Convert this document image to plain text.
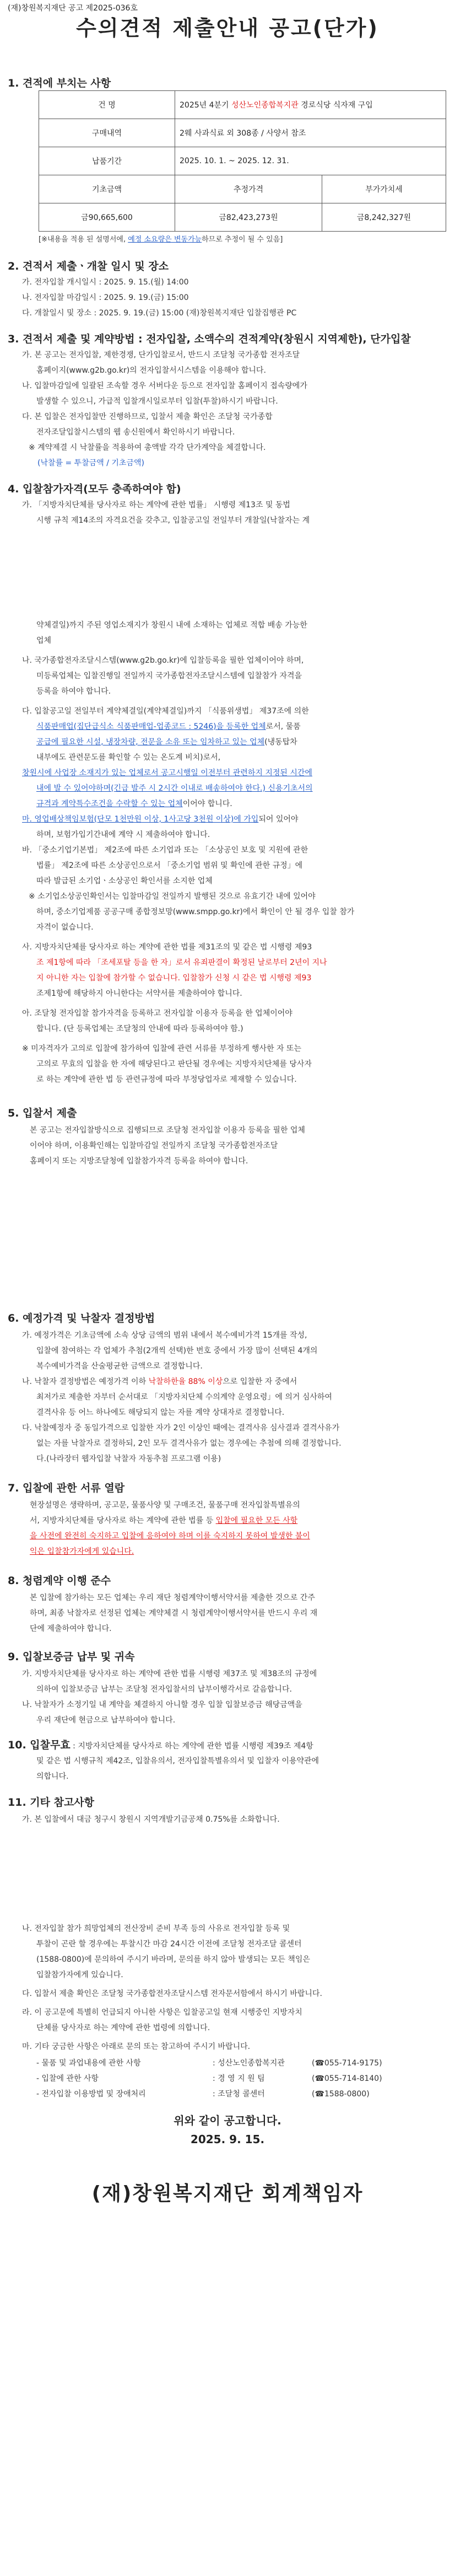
(재)창원복지재단 공고 제2025-036호
수의견적 제출안내 공고(단가)
1. 견적에 부치는 사항
건 명	2025년 4분기 성산노인종합복지관 경로식당 식자재 구입	
구매내역	2웨 사과식료 외 308종 / 사양서 참조	
납품기간	2025. 10. 1. ~ 2025. 12. 31.	
기초금액	추정가격	부가가치세
금90,665,600	금82,423,273원	금8,242,327원
[※내용을 적용 된 설명서에, 예정 소요량은 변동가능하므로 추정이 될 수 있음]
2. 견적서 제출ㆍ개찰 일시 및 장소
가. 전자입찰 개시일시 : 2025. 9. 15.(월) 14:00
나. 전자입찰 마감일시 : 2025. 9. 19.(금) 15:00
다. 개찰일시 및 장소 : 2025. 9. 19.(금) 15:00 (재)창원복지재단 입찰집행관 PC
3. 견적서 제출 및 계약방법 : 전자입찰, 소액수의 견적계약(창원시 지역제한), 단가입찰
가. 본 공고는 전자입찰, 제한경쟁, 단가입찰로서, 반드시 조달청 국가종합 전자조달
홈페이지(www.g2b.go.kr)의 전자입찰서시스템을 이용해야 합니다.
나. 입찰마감일에 일괄된 조속할 경우 서버다운 등으로 전자입찰 홈페이지 접속량에가
발생할 수 있으니, 가급적 입찰개시일로부터 입찰(투찰)하시기 바랍니다.
다. 본 입찰은 전자입찰만 진행하므로, 입찰서 제출 확인은 조달청 국가종합
전자조달입찰시스템의 웹 송신원에서 확인하시기 바랍니다.
※ 계약제결 시 낙찰률을 적용하여 총액발 각각 단가계약을 체결합니다.
(낙찰률 = 투찰금액 / 기초금액)
4. 입찰참가자격(모두 충족하여야 함)
가. 「지방자치단체를 당사자로 하는 계약에 관한 법률」 시행령 제13조 및 동법
시행 규칙 제14조의 자격요건을 갖추고, 입찰공고일 전일부터 개찰일(낙찰자는 계
약체결일)까지 주된 영업소재지가 창원시 내에 소재하는 업체로 적합 배송 가능한
업체
나. 국가종합전자조달시스템(www.g2b.go.kr)에 입찰등록을 필한 업체이어야 하며,
미등록업체는 입찰진행일 전일까지 국가종합전자조달시스템에 입찰참가 자격을
등록을 하여야 합니다.
다. 입찰공고일 전일부터 계약체결일(계약체결일)까지 「식품위생법」 제37조에 의한
식품판매업(집단급식소 식품판매업-업종코드 : 5246)을 등록한 업체로서, 물품
공급에 필요한 시설, 냉장차량, 전문을 소유 또는 임차하고 있는 업체(냉동탑차
내부에도 관련문도를 확인할 수 있는 온도계 비치)로서,
창원시에 사업장 소재지가 있는 업체로서 공고시행일 이전부터 관련하지 지정된 시간에
내에 발 수 있어야하며(긴급 발주 시 2시간 이내로 배송하여야 한다.) 신용기초서의
규격과 계약특수조건을 수락할 수 있는 업체이어야 합니다.
마. 영업배상책임보험(단모 1천만원 이상, 1사고당 3천원 이상)에 가입되어 있어야
하며, 보험가입기간내에 계약 시 제출하여야 합니다.
바. 「중소기업기본법」 제2조에 따른 소기업과 또는 「소상공인 보호 및 지원에 관한
법률」 제2조에 따른 소상공인으로서 「중소기업 범위 및 확인에 관한 규정」에
따라 발급된 소기업ㆍ소상공인 확인서를 소지한 업체
※ 소기업소상공인확인서는 입찰마감일 전일까지 발행된 것으로 유효기간 내에 있어야
하며, 중소기업제품 공공구매 종합정보망(www.smpp.go.kr)에서 확인이 안 될 경우 입찰 참가
자격이 없습니다.
사. 지방자치단체를 당사자로 하는 계약에 관한 법률 제31조의 및 같은 법 시행령 제93
조 제1항에 따라 「조세포탈 등을 한 자」로서 유죄판결이 확정된 날로부터 2년이 지나
지 아니한 자는 입찰에 참가할 수 없습니다. 입찰참가 신청 시 같은 법 시행령 제93
조제1항에 해당하지 아니한다는 서약서를 제출하여야 합니다.
아. 조달청 전자입찰 참가자격을 등록하고 전자입찰 이용자 등록을 한 업체이어야
합니다. (단 등록업체는 조달청의 안내에 따라 등록하여야 함.)
※ 미자격자가 고의로 입찰에 참가하여 입찰에 관련 서류를 부정하게 행사한 자 또는
고의로 무효의 입찰을 한 자에 해당된다고 판단될 경우에는 지방자치단체를 당사자
로 하는 계약에 관한 법 등 관련규정에 따라 부정당업자로 제재할 수 있습니다.
5. 입찰서 제출
본 공고는 전자입찰방식으로 집행되므로 조달청 전자입찰 이용자 등록을 필한 업체
이어야 하며, 이용확인해는 입찰마감일 전일까지 조달청 국가종합전자조달
홈페이지 또는 지방조달청에 입찰참가자격 등록을 하여야 합니다.
6. 예정가격 및 낙찰자 결정방법
가. 예정가격은 기초금액에 소속 상당 금액의 범위 내에서 복수예비가격 15개를 작성,
입찰에 참여하는 각 업체가 추첨(2개씩 선택)한 번호 중에서 가장 많이 선택된 4개의
복수예비가격을 산술평균한 금액으로 결정합니다.
나. 낙찰자 결정방법은 예정가격 이하 낙찰하한율 88% 이상으로 입찰한 자 중에서
최저가로 제출한 자부터 순서대로 「지방자치단체 수의계약 운영요령」에 의거 심사하여
결격사유 등 어느 하나에도 해당되지 않는 자를 계약 상대자로 결정합니다.
다. 낙찰예정자 중 동일가격으로 입찰한 자가 2인 이상인 때에는 결격사유 심사결과 결격사유가
없는 자를 낙찰자로 결정하되, 2인 모두 결격사유가 없는 경우에는 추첨에 의해 결정합니다.
다.(나라장터 웹자입찰 낙찰자 자동추첨 프로그램 이용)
7. 입찰에 관한 서류 열람
현장설명은 생략하며, 공고문, 물품사양 및 구매조건, 물품구매 전자입찰특별유의
서, 지방자치단체를 당사자로 하는 계약에 관한 법률 등 입찰에 필요한 모든 사항
을 사전에 완전히 숙지하고 입찰에 응하여야 하며 이를 숙지하지 못하여 발생한 불이
익은 입찰참가자에게 있습니다.
8. 청렴계약 이행 준수
본 입찰에 참가하는 모든 업체는 우리 재단 청렴계약이행서약서를 제출한 것으로 간주
하며, 최종 낙찰자로 선정된 업체는 계약체결 시 청렴계약이행서약서를 반드시 우리 재
단에 제출하여야 합니다.
9. 입찰보증금 납부 및 귀속
가. 지방자치단체를 당사자로 하는 계약에 관한 법률 시행령 제37조 및 제38조의 규정에
의하여 입찰보증금 납부는 조달청 전자입찰서의 납부이행각서로 갈음합니다.
나. 낙찰자가 소정기일 내 계약을 체결하지 아니할 경우 입찰 입찰보증금 해당금액을
우리 재단에 현금으로 납부하여야 합니다.
10. 입찰무효 : 지방자치단체를 당사자로 하는 계약에 관한 법률 시행령 제39조 제4항
및 같은 법 시행규칙 제42조, 입찰유의서, 전자입찰특별유의서 및 입찰자 이용약관에
의합니다.
11. 기타 참고사항
가. 본 입찰에서 대금 청구시 창원시 지역개발기금공채 0.75%를 소화합니다.
나. 전자입찰 참가 희망업체의 전산장비 준비 부족 등의 사유로 전자입찰 등록 및
투찰이 곤란 할 경우에는 투찰시간 마감 24시간 이전에 조달청 전자조달 콜센터
(1588-0800)에 문의하여 주시기 바라며, 문의를 하지 않아 발생되는 모든 책임은
입찰참가자에게 있습니다.
다. 입찰서 제출 확인은 조달청 국가종합전자조달시스템 전자문서함에서 하시기 바랍니다.
라. 이 공고문에 특별히 언급되지 아니한 사항은 입찰공고일 현재 시행중인 지방자치
단체를 당사자로 하는 계약에 관한 법령에 의합니다.
마. 기타 궁금한 사항은 아래로 문의 또는 참고하여 주시기 바랍니다.
- 물품 및 과업내용에 관한 사항	: 성산노인종합복지관	(☎055-714-9175)
- 입찰에 관한 사항	: 경 영 지 원 팀	(☎055-714-8140)
- 전자입찰 이용방법 및 장애처리	: 조달청 콜센터	(☎1588-0800)
위와 같이 공고합니다.
2025. 9. 15.
(재)창원복지재단 회계책임자
